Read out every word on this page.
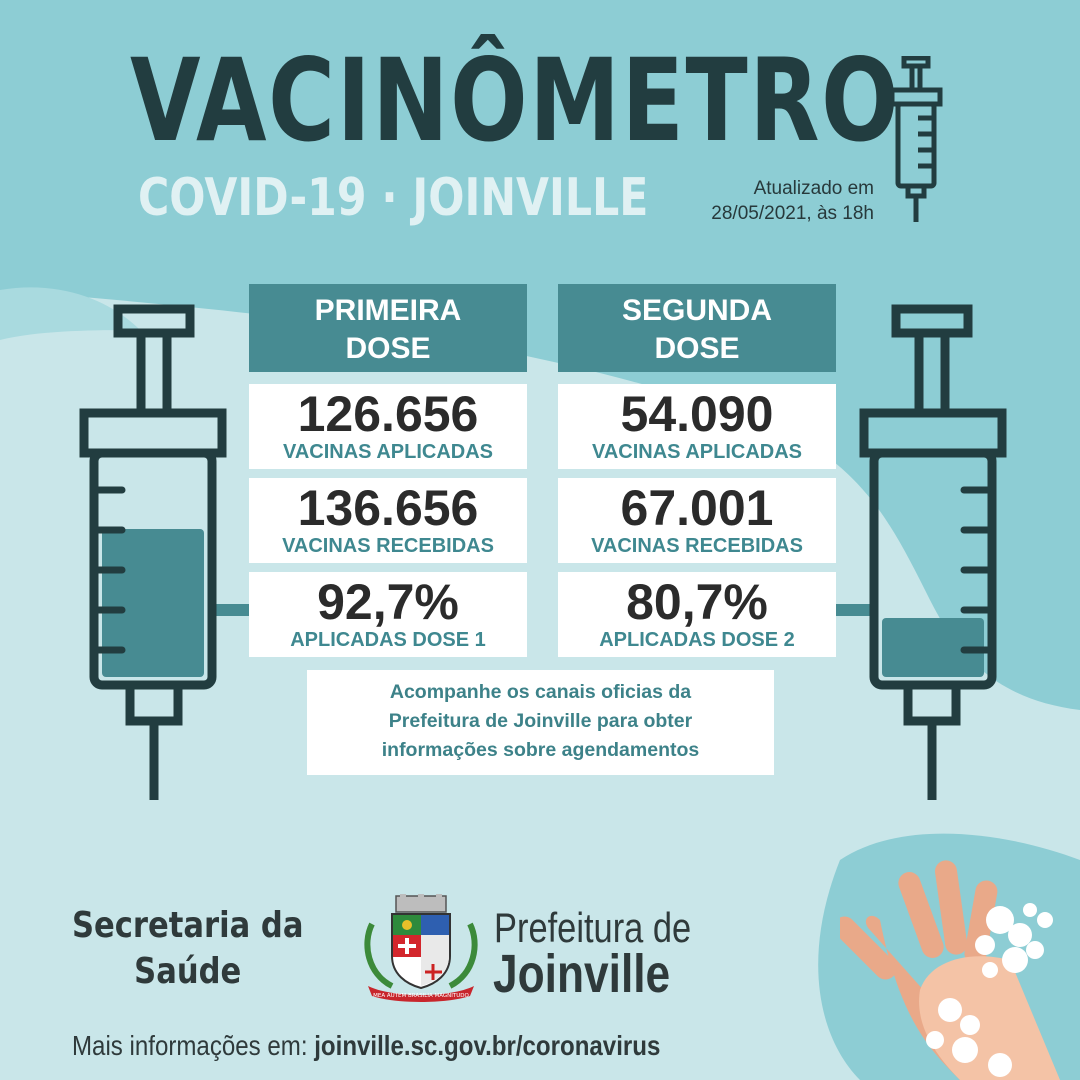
VACINÔMETRO
COVID-19 · JOINVILLE	Atualizado em
28/05/2021, às 18h
PRIMEIRA
DOSE
126.656
VACINAS APLICADAS
136.656
VACINAS RECEBIDAS
92,7%
APLICADAS DOSE 1
SEGUNDA
DOSE
54.090
VACINAS APLICADAS
67.001
VACINAS RECEBIDAS
80,7%
APLICADAS DOSE 2
Acompanhe os canais oficias da
Prefeitura de Joinville para obter
informações sobre agendamentos
Secretaria da
Saúde
MEA AUTEM BRASILIA MAGNITUDO
Prefeitura de
Joinville
Mais informações em: joinville.sc.gov.br/coronavirus
